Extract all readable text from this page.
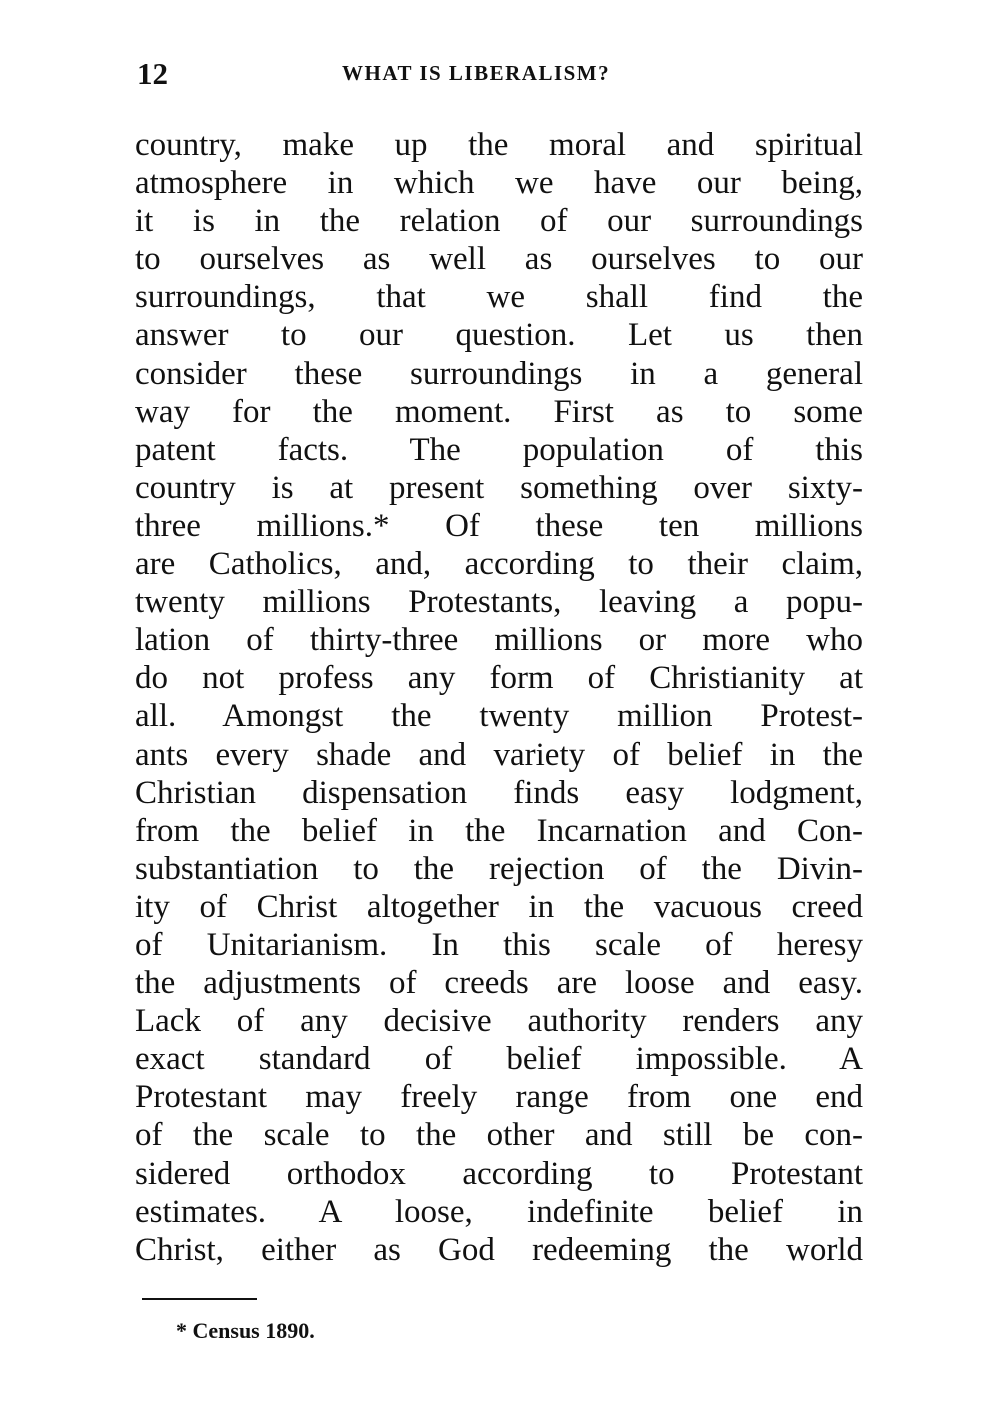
12	WHAT IS LIBERALISM?
country, make up the moral and spiritual
atmosphere in which we have our being,
it is in the relation of our surroundings
to ourselves as well as ourselves to our
surroundings, that we shall find the
answer to our question. Let us then
consider these surroundings in a general
way for the moment. First as to some
patent facts. The population of this
country is at present something over sixty-
three millions.* Of these ten millions
are Catholics, and, according to their claim,
twenty millions Protestants, leaving a popu-
lation of thirty-three millions or more who
do not profess any form of Christianity at
all. Amongst the twenty million Protest-
ants every shade and variety of belief in the
Christian dispensation finds easy lodgment,
from the belief in the Incarnation and Con-
substantiation to the rejection of the Divin-
ity of Christ altogether in the vacuous creed
of Unitarianism. In this scale of heresy
the adjustments of creeds are loose and easy.
Lack of any decisive authority renders any
exact standard of belief impossible. A
Protestant may freely range from one end
of the scale to the other and still be con-
sidered orthodox according to Protestant
estimates. A loose, indefinite belief in
Christ, either as God redeeming the world
* Census 1890.
